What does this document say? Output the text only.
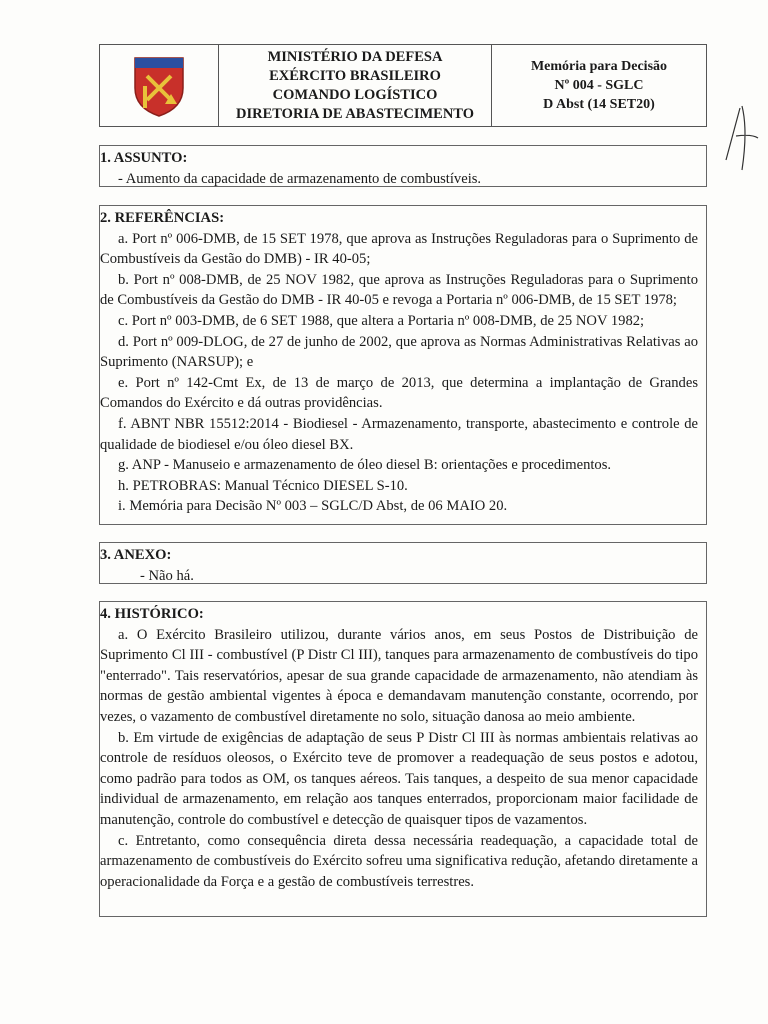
MINISTÉRIO DA DEFESA
EXÉRCITO BRASILEIRO
COMANDO LOGÍSTICO
DIRETORIA DE ABASTECIMENTO
Memória para Decisão
Nº 004 - SGLC
D Abst (14 SET20)
1. ASSUNTO:
- Aumento da capacidade de armazenamento de combustíveis.
2. REFERÊNCIAS:
a. Port nº 006-DMB, de 15 SET 1978, que aprova as Instruções Reguladoras para o Suprimento de Combustíveis da Gestão do DMB) - IR 40-05;
b. Port nº 008-DMB, de 25 NOV 1982, que aprova as Instruções Reguladoras para o Suprimento de Combustíveis da Gestão do DMB - IR 40-05 e revoga a Portaria nº 006-DMB, de 15 SET 1978;
c. Port nº 003-DMB, de 6 SET 1988, que altera a Portaria nº 008-DMB, de 25 NOV 1982;
d. Port nº 009-DLOG, de 27 de junho de 2002, que aprova as Normas Administrativas Relativas ao Suprimento (NARSUP); e
e. Port nº 142-Cmt Ex, de 13 de março de 2013, que determina a implantação de Grandes Comandos do Exército e dá outras providências.
f. ABNT NBR 15512:2014 - Biodiesel - Armazenamento, transporte, abastecimento e controle de qualidade de biodiesel e/ou óleo diesel BX.
g. ANP - Manuseio e armazenamento de óleo diesel B: orientações e procedimentos.
h. PETROBRAS: Manual Técnico DIESEL S-10.
i. Memória para Decisão Nº 003 – SGLC/D Abst, de 06 MAIO 20.
3. ANEXO:
- Não há.
4. HISTÓRICO:
a. O Exército Brasileiro utilizou, durante vários anos, em seus Postos de Distribuição de Suprimento Cl III - combustível (P Distr Cl III), tanques para armazenamento de combustíveis do tipo "enterrado". Tais reservatórios, apesar de sua grande capacidade de armazenamento, não atendiam às normas de gestão ambiental vigentes à época e demandavam manutenção constante, ocorrendo, por vezes, o vazamento de combustível diretamente no solo, situação danosa ao meio ambiente.
b. Em virtude de exigências de adaptação de seus P Distr Cl III às normas ambientais relativas ao controle de resíduos oleosos, o Exército teve de promover a readequação de seus postos e adotou, como padrão para todos as OM, os tanques aéreos. Tais tanques, a despeito de sua menor capacidade individual de armazenamento, em relação aos tanques enterrados, proporcionam maior facilidade de manutenção, controle do combustível e detecção de quaisquer tipos de vazamentos.
c. Entretanto, como consequência direta dessa necessária readequação, a capacidade total de armazenamento de combustíveis do Exército sofreu uma significativa redução, afetando diretamente a operacionalidade da Força e a gestão de combustíveis terrestres.
